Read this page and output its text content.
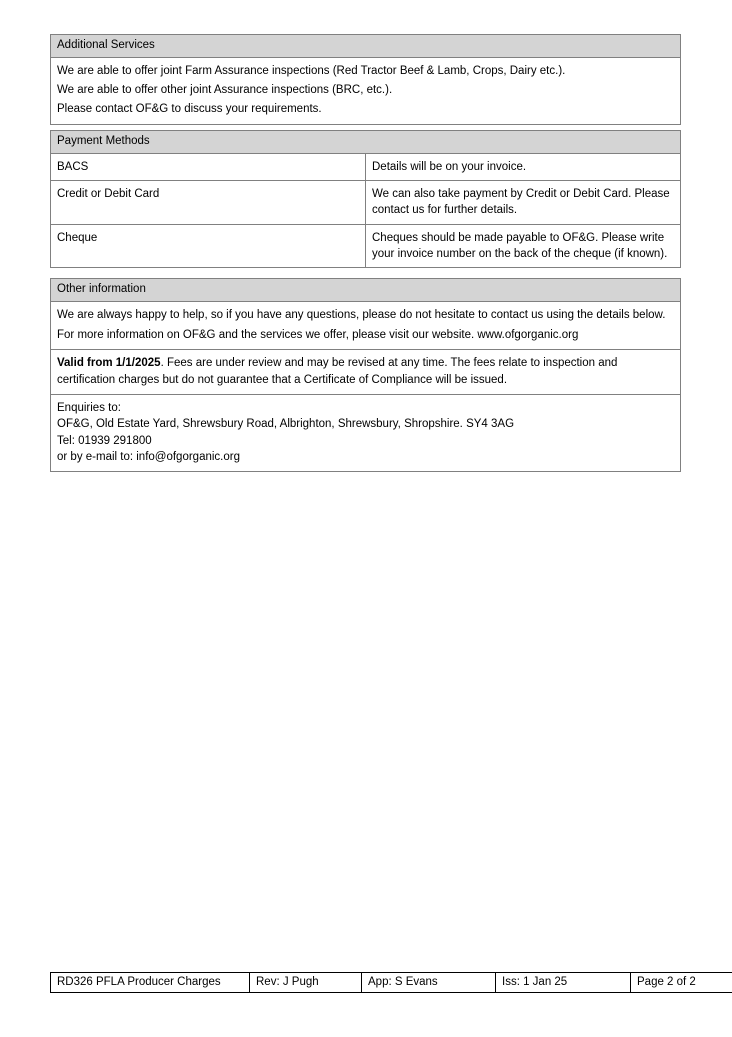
Additional Services

We are able to offer joint Farm Assurance inspections (Red Tractor Beef & Lamb, Crops, Dairy etc.).
We are able to offer other joint Assurance inspections (BRC, etc.).
Please contact OF&G to discuss your requirements.
Payment Methods	
BACS	Details will be on your invoice.
Credit or Debit Card	We can also take payment by Credit or Debit Card. Please contact us for further details.
Cheque	Cheques should be made payable to OF&G. Please write your invoice number on the back of the cheque (if known).
Other information

We are always happy to help, so if you have any questions, please do not hesitate to contact us using the details below.
For more information on OF&G and the services we offer, please visit our website. www.ofgorganic.org

Valid from 1/1/2025. Fees are under review and may be revised at any time. The fees relate to inspection and certification charges but do not guarantee that a Certificate of Compliance will be issued.

Enquiries to:
OF&G, Old Estate Yard, Shrewsbury Road, Albrighton, Shrewsbury, Shropshire. SY4 3AG
Tel: 01939 291800
or by e-mail to: info@ofgorganic.org
RD326 PFLA Producer Charges	Rev: J Pugh	App: S Evans	Iss: 1 Jan 25	Page 2 of 2
